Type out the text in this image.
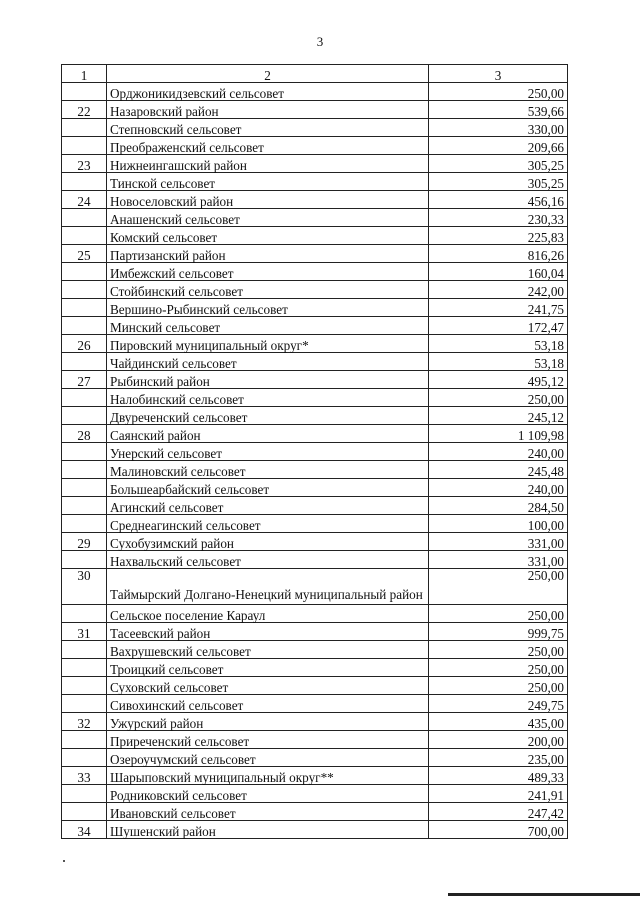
3
1	2	3
	Орджоникидзевский сельсовет	250,00
22	Назаровский район	539,66
	Степновский сельсовет	330,00
	Преображенский сельсовет	209,66
23	Нижнеингашский район	305,25
	Тинской сельсовет	305,25
24	Новоселовский район	456,16
	Анашенский сельсовет	230,33
	Комский сельсовет	225,83
25	Партизанский район	816,26
	Имбежский сельсовет	160,04
	Стойбинский сельсовет	242,00
	Вершино-Рыбинский сельсовет	241,75
	Минский сельсовет	172,47
26	Пировский муниципальный округ*	53,18
	Чайдинский сельсовет	53,18
27	Рыбинский район	495,12
	Налобинский сельсовет	250,00
	Двуреченский сельсовет	245,12
28	Саянский район	1 109,98
	Унерский сельсовет	240,00
	Малиновский сельсовет	245,48
	Большеарбайский сельсовет	240,00
	Агинский сельсовет	284,50
	Среднеагинский сельсовет	100,00
29	Сухобузимский район	331,00
	Нахвальский сельсовет	331,00
30	Таймырский Долгано-Ненецкий муниципальный район	250,00
	Сельское поселение Караул	250,00
31	Тасеевский район	999,75
	Вахрушевский сельсовет	250,00
	Троицкий сельсовет	250,00
	Суховский сельсовет	250,00
	Сивохинский сельсовет	249,75
32	Ужурский район	435,00
	Приреченский сельсовет	200,00
	Озероучумский сельсовет	235,00
33	Шарыповский муниципальный округ**	489,33
	Родниковский сельсовет	241,91
	Ивановский сельсовет	247,42
34	Шушенский район	700,00
